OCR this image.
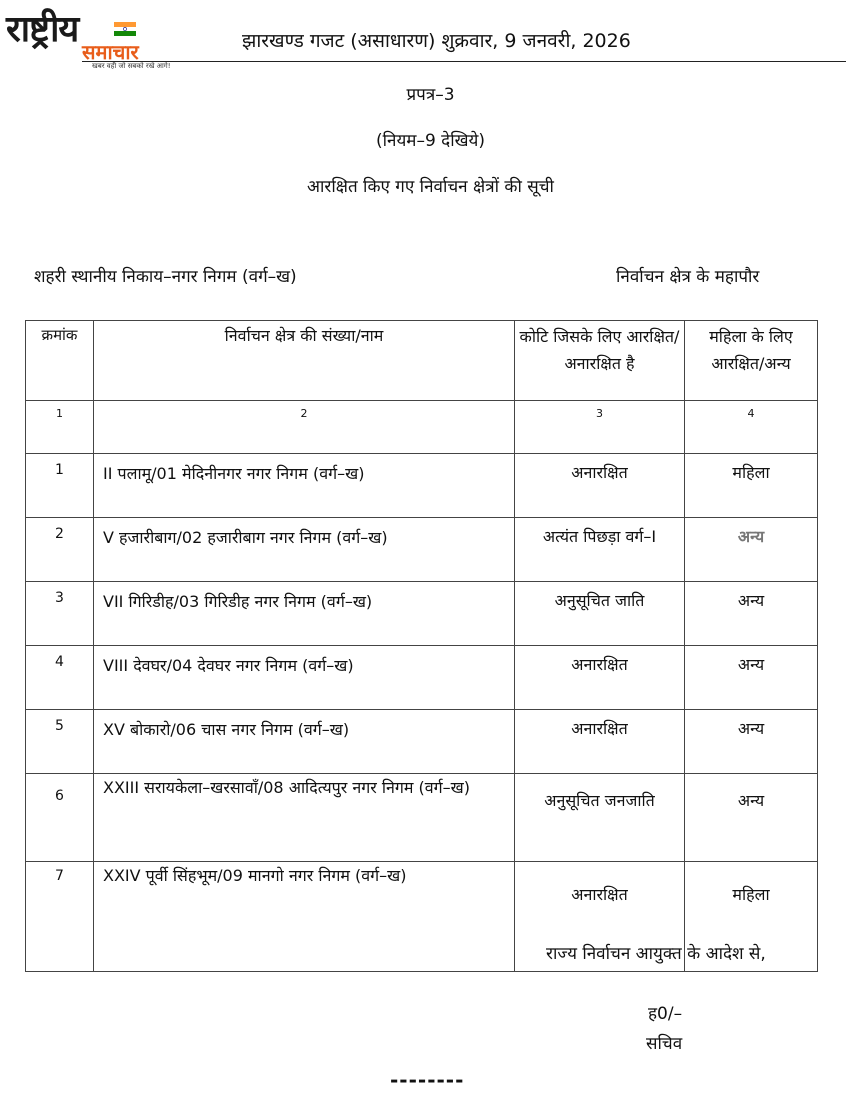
राष्ट्रीय
समाचार
खबर वही जो सबको रखे आगे!
झारखण्ड गजट (असाधारण) शुक्रवार, 9 जनवरी, 2026
प्रपत्र–3
(नियम–9 देखिये)
आरक्षित किए गए निर्वाचन क्षेत्रों की सूची
शहरी स्थानीय निकाय–नगर निगम (वर्ग–ख)	निर्वाचन क्षेत्र के महापौर
क्रमांक	निर्वाचन क्षेत्र की संख्या/नाम	कोटि जिसके लिए आरक्षित/अनारक्षित है	महिला के लिए आरक्षित/अन्य
1	2	3	4
1	II पलामू/01 मेदिनीनगर नगर निगम (वर्ग–ख)	अनारक्षित	महिला
2	V हजारीबाग/02 हजारीबाग नगर निगम (वर्ग–ख)	अत्यंत पिछड़ा वर्ग–I	अन्य
3	VII गिरिडीह/03 गिरिडीह नगर निगम (वर्ग–ख)	अनुसूचित जाति	अन्य
4	VIII देवघर/04 देवघर नगर निगम (वर्ग–ख)	अनारक्षित	अन्य
5	XV बोकारो/06 चास नगर निगम (वर्ग–ख)	अनारक्षित	अन्य
6	XXIII सरायकेला–खरसावाँ/08 आदित्यपुर नगर निगम (वर्ग–ख)	अनुसूचित जनजाति	अन्य
7	XXIV पूर्वी सिंहभूम/09 मानगो नगर निगम (वर्ग–ख)	अनारक्षित	महिला
राज्य निर्वाचन आयुक्त के आदेश से,
ह0/–
सचिव
--------
